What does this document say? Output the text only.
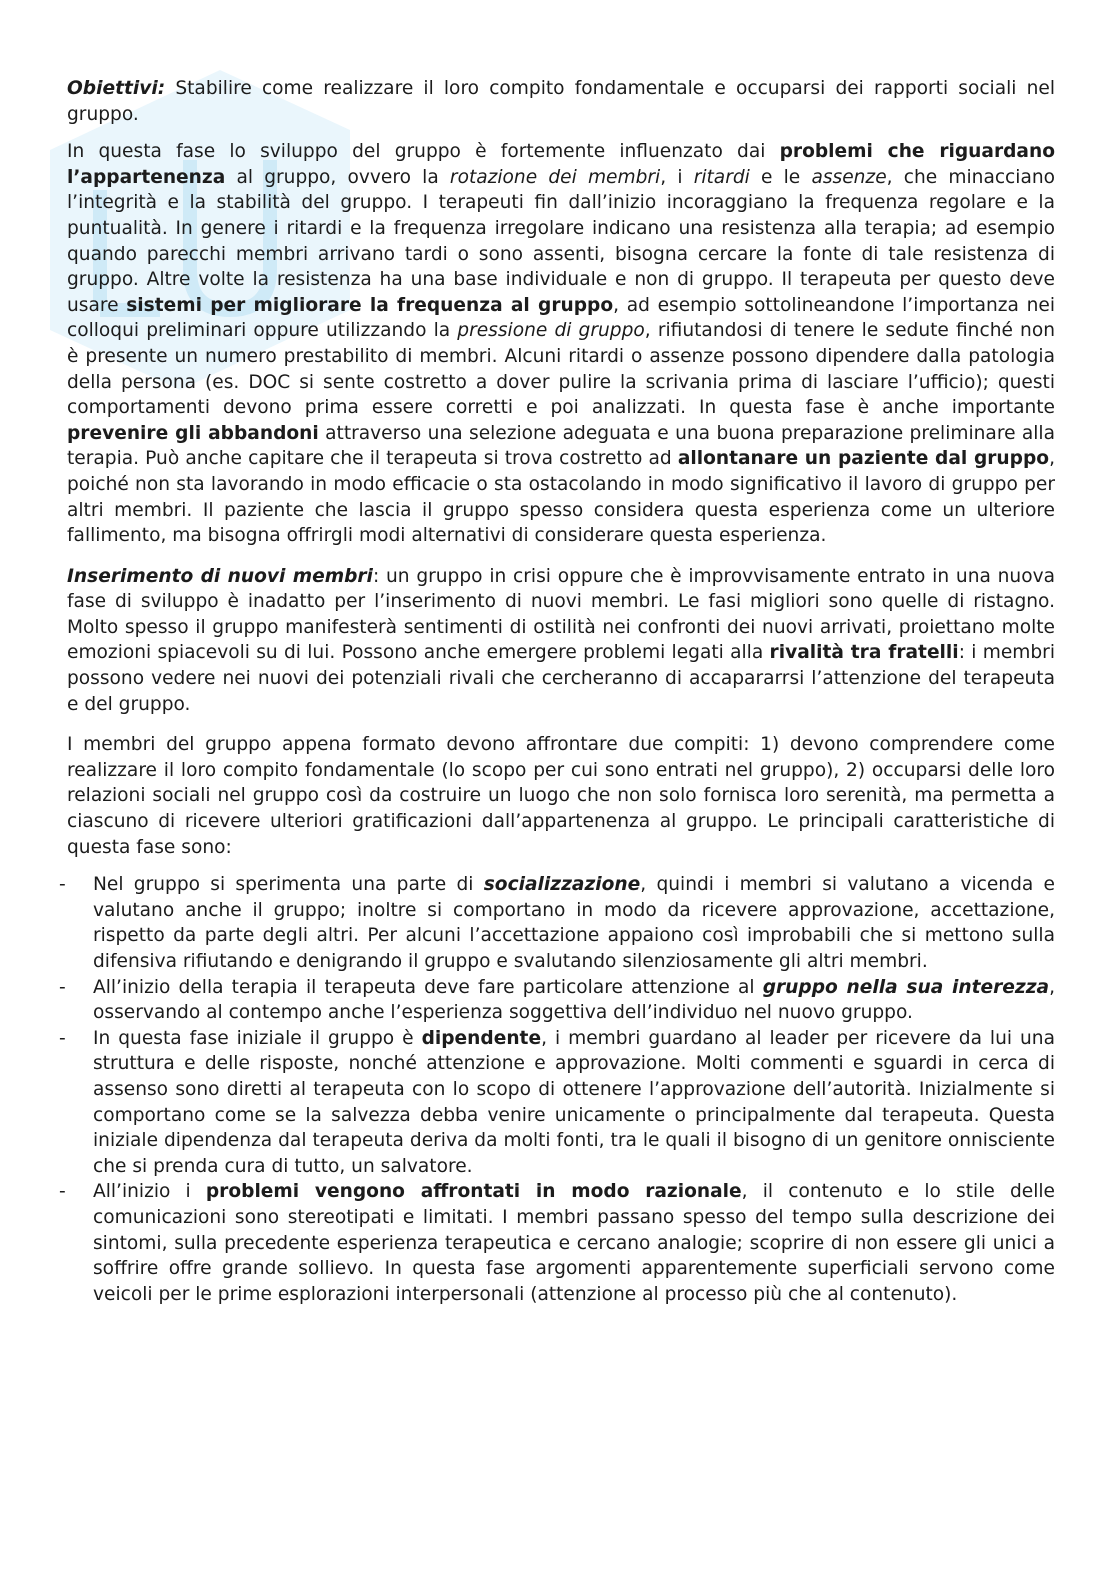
Obiettivi: Stabilire come realizzare il loro compito fondamentale e occuparsi dei rapporti sociali nel gruppo.

In questa fase lo sviluppo del gruppo è fortemente influenzato dai problemi che riguardano l’appartenenza al gruppo, ovvero la rotazione dei membri, i ritardi e le assenze, che minacciano l’integrità e la stabilità del gruppo. I terapeuti fin dall’inizio incoraggiano la frequenza regolare e la puntualità. In genere i ritardi e la frequenza irregolare indicano una resistenza alla terapia; ad esempio quando parecchi membri arrivano tardi o sono assenti, bisogna cercare la fonte di tale resistenza di gruppo. Altre volte la resistenza ha una base individuale e non di gruppo. Il terapeuta per questo deve usare sistemi per migliorare la frequenza al gruppo, ad esempio sottolineandone l’importanza nei colloqui preliminari oppure utilizzando la pressione di gruppo, rifiutandosi di tenere le sedute finché non è presente un numero prestabilito di membri. Alcuni ritardi o assenze possono dipendere dalla patologia della persona (es. DOC si sente costretto a dover pulire la scrivania prima di lasciare l’ufficio); questi comportamenti devono prima essere corretti e poi analizzati. In questa fase è anche importante prevenire gli abbandoni attraverso una selezione adeguata e una buona preparazione preliminare alla terapia. Può anche capitare che il terapeuta si trova costretto ad allontanare un paziente dal gruppo, poiché non sta lavorando in modo efficacie o sta ostacolando in modo significativo il lavoro di gruppo per altri membri. Il paziente che lascia il gruppo spesso considera questa esperienza come un ulteriore fallimento, ma bisogna offrirgli modi alternativi di considerare questa esperienza.

Inserimento di nuovi membri: un gruppo in crisi oppure che è improvvisamente entrato in una nuova fase di sviluppo è inadatto per l’inserimento di nuovi membri. Le fasi migliori sono quelle di ristagno. Molto spesso il gruppo manifesterà sentimenti di ostilità nei confronti dei nuovi arrivati, proiettano molte emozioni spiacevoli su di lui. Possono anche emergere problemi legati alla rivalità tra fratelli: i membri possono vedere nei nuovi dei potenziali rivali che cercheranno di accapararrsi l’attenzione del terapeuta e del gruppo.

I membri del gruppo appena formato devono affrontare due compiti: 1) devono comprendere come realizzare il loro compito fondamentale (lo scopo per cui sono entrati nel gruppo), 2) occuparsi delle loro relazioni sociali nel gruppo così da costruire un luogo che non solo fornisca loro serenità, ma permetta a ciascuno di ricevere ulteriori gratificazioni dall’appartenenza al gruppo. Le principali caratteristiche di questa fase sono:

-	Nel gruppo si sperimenta una parte di socializzazione, quindi i membri si valutano a vicenda e valutano anche il gruppo; inoltre si comportano in modo da ricevere approvazione, accettazione, rispetto da parte degli altri. Per alcuni l’accettazione appaiono così improbabili che si mettono sulla difensiva rifiutando e denigrando il gruppo e svalutando silenziosamente gli altri membri.
-	All’inizio della terapia il terapeuta deve fare particolare attenzione al gruppo nella sua interezza, osservando al contempo anche l’esperienza soggettiva dell’individuo nel nuovo gruppo.
-	In questa fase iniziale il gruppo è dipendente, i membri guardano al leader per ricevere da lui una struttura e delle risposte, nonché attenzione e approvazione. Molti commenti e sguardi in cerca di assenso sono diretti al terapeuta con lo scopo di ottenere l’approvazione dell’autorità. Inizialmente si comportano come se la salvezza debba venire unicamente o principalmente dal terapeuta. Questa iniziale dipendenza dal terapeuta deriva da molti fonti, tra le quali il bisogno di un genitore onnisciente che si prenda cura di tutto, un salvatore.
-	All’inizio i problemi vengono affrontati in modo razionale, il contenuto e lo stile delle comunicazioni sono stereotipati e limitati. I membri passano spesso del tempo sulla descrizione dei sintomi, sulla precedente esperienza terapeutica e cercano analogie; scoprire di non essere gli unici a soffrire offre grande sollievo. In questa fase argomenti apparentemente superficiali servono come veicoli per le prime esplorazioni interpersonali (attenzione al processo più che al contenuto).
